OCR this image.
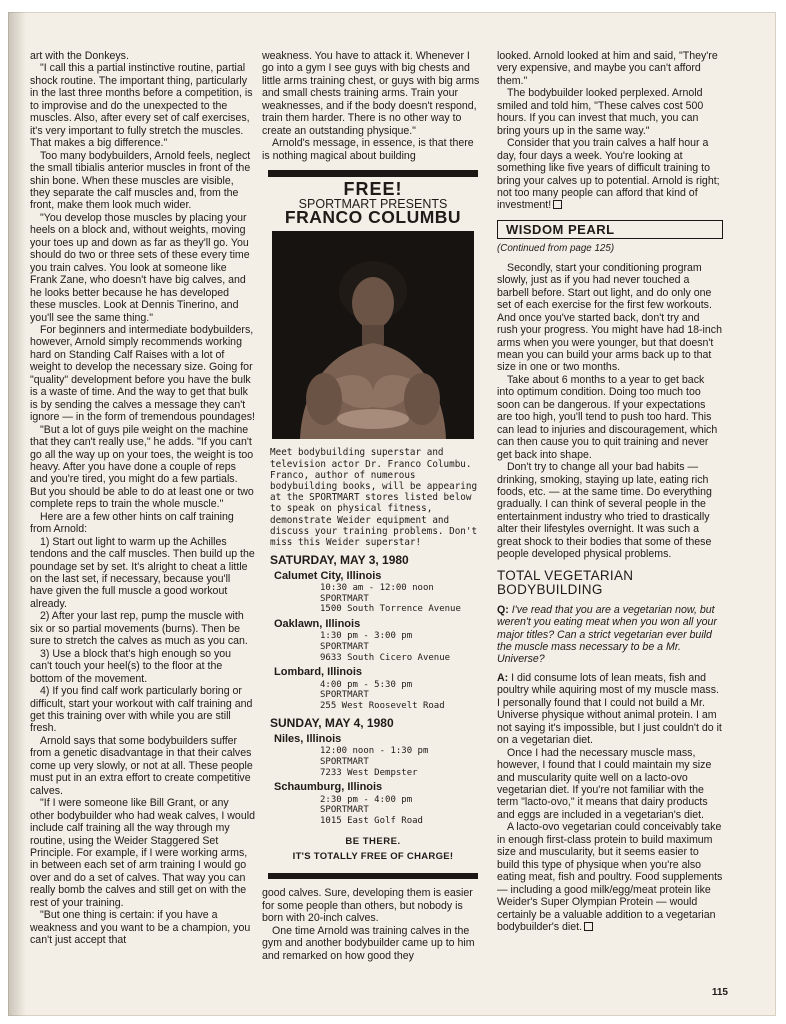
art with the Donkeys.

"I call this a partial instinctive routine, partial shock routine. The important thing, particularly in the last three months before a competition, is to improvise and do the unexpected to the muscles. Also, after every set of calf exercises, it's very important to fully stretch the muscles. That makes a big difference."

Too many bodybuilders, Arnold feels, neglect the small tibialis anterior muscles in front of the shin bone. When these muscles are visible, they separate the calf muscles and, from the front, make them look much wider.

"You develop those muscles by placing your heels on a block and, without weights, moving your toes up and down as far as they'll go. You should do two or three sets of these every time you train calves. You look at someone like Frank Zane, who doesn't have big calves, and he looks better because he has developed these muscles. Look at Dennis Tinerino, and you'll see the same thing."

For beginners and intermediate bodybuilders, however, Arnold simply recommends working hard on Standing Calf Raises with a lot of weight to develop the necessary size. Going for "quality" development before you have the bulk is a waste of time. And the way to get that bulk is by sending the calves a message they can't ignore — in the form of tremendous poundages!

"But a lot of guys pile weight on the machine that they can't really use," he adds. "If you can't go all the way up on your toes, the weight is too heavy. After you have done a couple of reps and you're tired, you might do a few partials. But you should be able to do at least one or two complete reps to train the whole muscle."

Here are a few other hints on calf training from Arnold:

1) Start out light to warm up the Achilles tendons and the calf muscles. Then build up the poundage set by set. It's alright to cheat a little on the last set, if necessary, because you'll have given the full muscle a good workout already.

2) After your last rep, pump the muscle with six or so partial movements (burns). Then be sure to stretch the calves as much as you can.

3) Use a block that's high enough so you can't touch your heel(s) to the floor at the bottom of the movement.

4) If you find calf work particularly boring or difficult, start your workout with calf training and get this training over with while you are still fresh.

Arnold says that some bodybuilders suffer from a genetic disadvantage in that their calves come up very slowly, or not at all. These people must put in an extra effort to create competitive calves.

"If I were someone like Bill Grant, or any other bodybuilder who had weak calves, I would include calf training all the way through my routine, using the Weider Staggered Set Principle. For example, if I were working arms, in between each set of arm training I would go over and do a set of calves. That way you can really bomb the calves and still get on with the rest of your training.

"But one thing is certain: if you have a weakness and you want to be a champion, you can't just accept that

weakness. You have to attack it. Whenever I go into a gym I see guys with big chests and little arms training chest, or guys with big arms and small chests training arms. Train your weaknesses, and if the body doesn't respond, train them harder. There is no other way to create an outstanding physique."

Arnold's message, in essence, is that there is nothing magical about building

FREE!
SPORTMART PRESENTS
FRANCO COLUMBU
Meet bodybuilding superstar and television actor Dr. Franco Columbu. Franco, author of numerous bodybuilding books, will be appearing at the SPORTMART stores listed below to speak on physical fitness, demonstrate Weider equipment and discuss your training problems. Don't miss this Weider superstar!
SATURDAY, MAY 3, 1980
Calumet City, Illinois
10:30 am - 12:00 noon
SPORTMART
1500 South Torrence Avenue
Oaklawn, Illinois
1:30 pm - 3:00 pm
SPORTMART
9633 South Cicero Avenue
Lombard, Illinois
4:00 pm - 5:30 pm
SPORTMART
255 West Roosevelt Road
SUNDAY, MAY 4, 1980
Niles, Illinois
12:00 noon - 1:30 pm
SPORTMART
7233 West Dempster
Schaumburg, Illinois
2:30 pm - 4:00 pm
SPORTMART
1015 East Golf Road
BE THERE.
IT'S TOTALLY FREE OF CHARGE!

good calves. Sure, developing them is easier for some people than others, but nobody is born with 20-inch calves.

One time Arnold was training calves in the gym and another bodybuilder came up to him and remarked on how good they

looked. Arnold looked at him and said, "They're very expensive, and maybe you can't afford them."

The bodybuilder looked perplexed. Arnold smiled and told him, "These calves cost 500 hours. If you can invest that much, you can bring yours up in the same way."

Consider that you train calves a half hour a day, four days a week. You're looking at something like five years of difficult training to bring your calves up to potential. Arnold is right; not too many people can afford that kind of investment!

WISDOM PEARL
(Continued from page 125)

Secondly, start your conditioning program slowly, just as if you had never touched a barbell before. Start out light, and do only one set of each exercise for the first few workouts. And once you've started back, don't try and rush your progress. You might have had 18-inch arms when you were younger, but that doesn't mean you can build your arms back up to that size in one or two months.

Take about 6 months to a year to get back into optimum condition. Doing too much too soon can be dangerous. If your expectations are too high, you'll tend to push too hard. This can lead to injuries and discouragement, which can then cause you to quit training and never get back into shape.

Don't try to change all your bad habits — drinking, smoking, staying up late, eating rich foods, etc. — at the same time. Do everything gradually. I can think of several people in the entertainment industry who tried to drastically alter their lifestyles overnight. It was such a great shock to their bodies that some of these people developed physical problems.

TOTAL VEGETARIAN BODYBUILDING

Q: I've read that you are a vegetarian now, but weren't you eating meat when you won all your major titles? Can a strict vegetarian ever build the muscle mass necessary to be a Mr. Universe?

A: I did consume lots of lean meats, fish and poultry while aquiring most of my muscle mass. I personally found that I could not build a Mr. Universe physique without animal protein. I am not saying it's impossible, but I just couldn't do it on a vegetarian diet.

Once I had the necessary muscle mass, however, I found that I could maintain my size and muscularity quite well on a lacto-ovo vegetarian diet. If you're not familiar with the term "lacto-ovo," it means that dairy products and eggs are included in a vegetarian's diet.

A lacto-ovo vegetarian could conceivably take in enough first-class protein to build maximum size and muscularity, but it seems easier to build this type of physique when you're also eating meat, fish and poultry. Food supplements — including a good milk/egg/meat protein like Weider's Super Olympian Protein — would certainly be a valuable addition to a vegetarian bodybuilder's diet.

115
